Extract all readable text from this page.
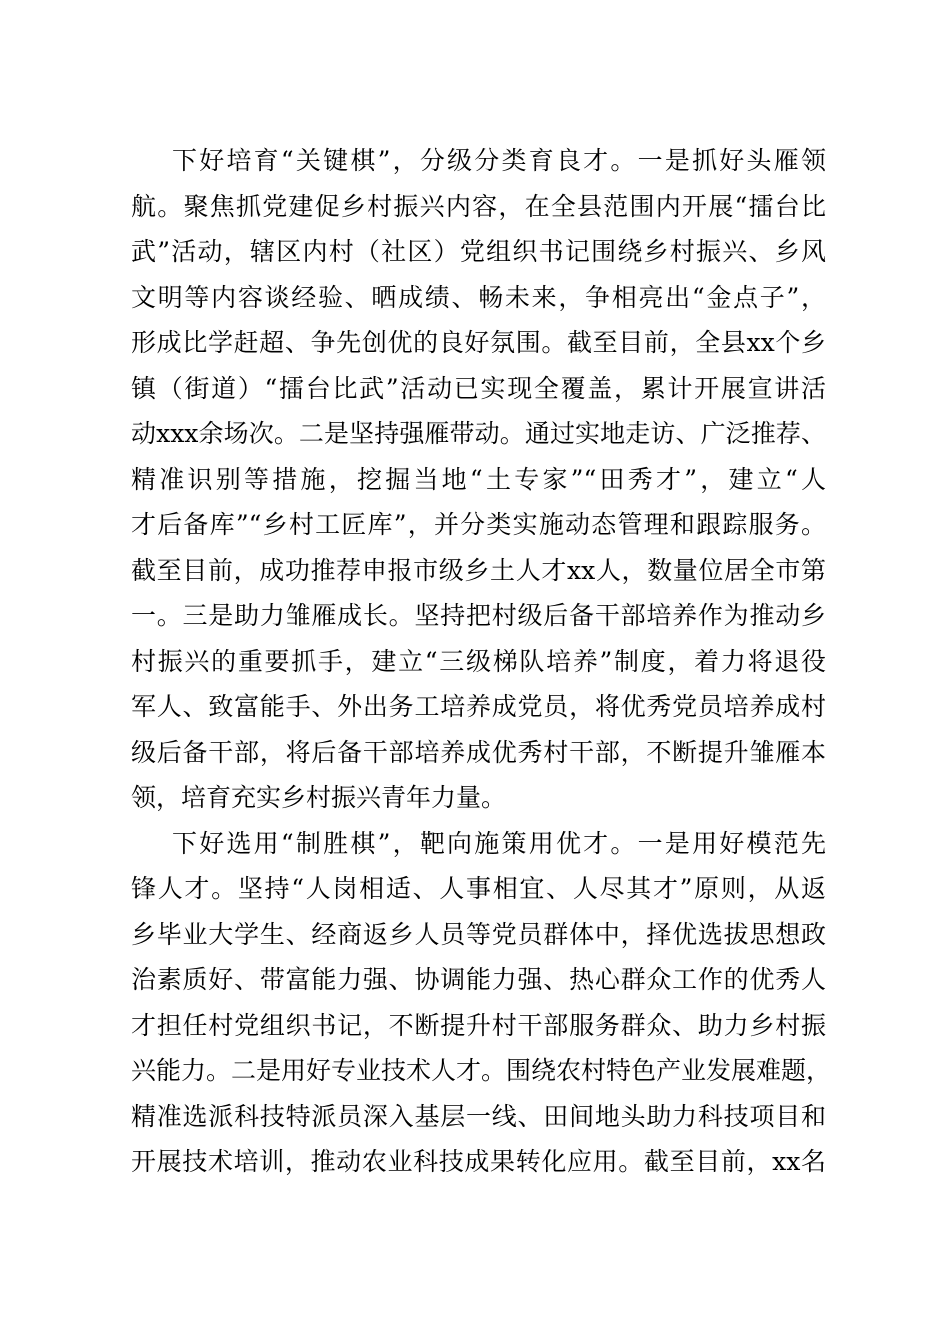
下好培育“关键棋”，分级分类育良才。一是抓好头雁领
航。聚焦抓党建促乡村振兴内容，在全县范围内开展“擂台比
武”活动，辖区内村（社区）党组织书记围绕乡村振兴、乡风
文明等内容谈经验、晒成绩、畅未来，争相亮出“金点子”，
形成比学赶超、争先创优的良好氛围。截至目前，全县xx个乡
镇（街道）“擂台比武”活动已实现全覆盖，累计开展宣讲活
动xxx余场次。二是坚持强雁带动。通过实地走访、广泛推荐、
精准识别等措施，挖掘当地“土专家”“田秀才”，建立“人
才后备库”“乡村工匠库”，并分类实施动态管理和跟踪服务。
截至目前，成功推荐申报市级乡土人才xx人，数量位居全市第
一。三是助力雏雁成长。坚持把村级后备干部培养作为推动乡
村振兴的重要抓手，建立“三级梯队培养”制度，着力将退役
军人、致富能手、外出务工培养成党员，将优秀党员培养成村
级后备干部，将后备干部培养成优秀村干部，不断提升雏雁本
领，培育充实乡村振兴青年力量。
下好选用“制胜棋”，靶向施策用优才。一是用好模范先
锋人才。坚持“人岗相适、人事相宜、人尽其才”原则，从返
乡毕业大学生、经商返乡人员等党员群体中，择优选拔思想政
治素质好、带富能力强、协调能力强、热心群众工作的优秀人
才担任村党组织书记，不断提升村干部服务群众、助力乡村振
兴能力。二是用好专业技术人才。围绕农村特色产业发展难题，
精准选派科技特派员深入基层一线、田间地头助力科技项目和
开展技术培训，推动农业科技成果转化应用。截至目前，xx名
